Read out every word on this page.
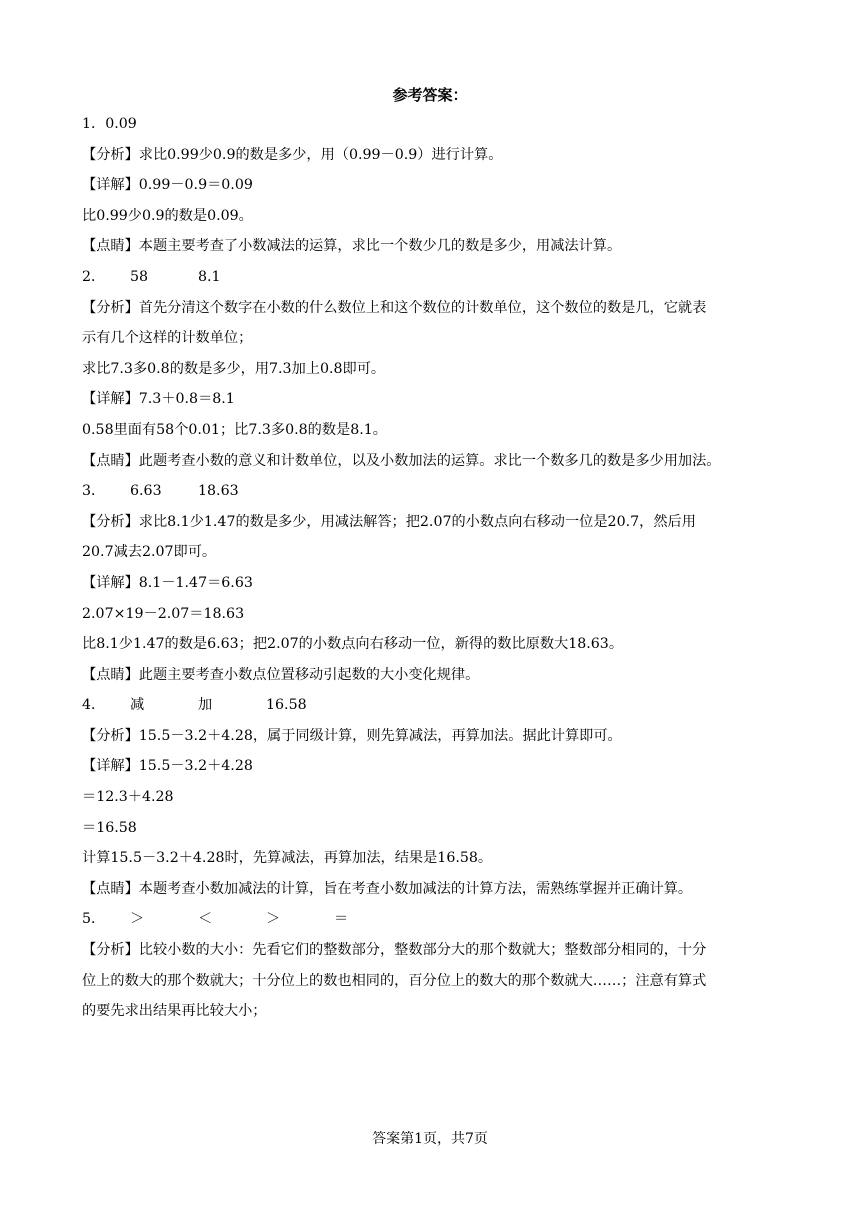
参考答案：
1．0.09
【分析】求比0.99少0.9的数是多少，用（0.99－0.9）进行计算。
【详解】0.99－0.9＝0.09
比0.99少0.9的数是0.09。
【点睛】本题主要考查了小数减法的运算，求比一个数少几的数是多少，用减法计算。
2． 58	8.1
【分析】首先分清这个数字在小数的什么数位上和这个数位的计数单位，这个数位的数是几，它就表
示有几个这样的计数单位；
求比7.3多0.8的数是多少，用7.3加上0.8即可。
【详解】7.3＋0.8＝8.1
0.58里面有58个0.01；比7.3多0.8的数是8.1。
【点睛】此题考查小数的意义和计数单位，以及小数加法的运算。求比一个数多几的数是多少用加法。
3． 6.63	18.63
【分析】求比8.1少1.47的数是多少，用减法解答；把2.07的小数点向右移动一位是20.7，然后用
20.7减去2.07即可。
【详解】8.1－1.47＝6.63
2.07×19－2.07＝18.63
比8.1少1.47的数是6.63；把2.07的小数点向右移动一位，新得的数比原数大18.63。
【点睛】此题主要考查小数点位置移动引起数的大小变化规律。
4． 减	加	16.58
【分析】15.5－3.2＋4.28，属于同级计算，则先算减法，再算加法。据此计算即可。
【详解】15.5－3.2＋4.28
＝12.3＋4.28
＝16.58
计算15.5－3.2＋4.28时，先算减法，再算加法，结果是16.58。
【点睛】本题考查小数加减法的计算，旨在考查小数加减法的计算方法，需熟练掌握并正确计算。
5． ＞	＜	＞	＝
【分析】比较小数的大小：先看它们的整数部分，整数部分大的那个数就大；整数部分相同的，十分
位上的数大的那个数就大；十分位上的数也相同的，百分位上的数大的那个数就大……；注意有算式
的要先求出结果再比较大小；
答案第1页，共7页
